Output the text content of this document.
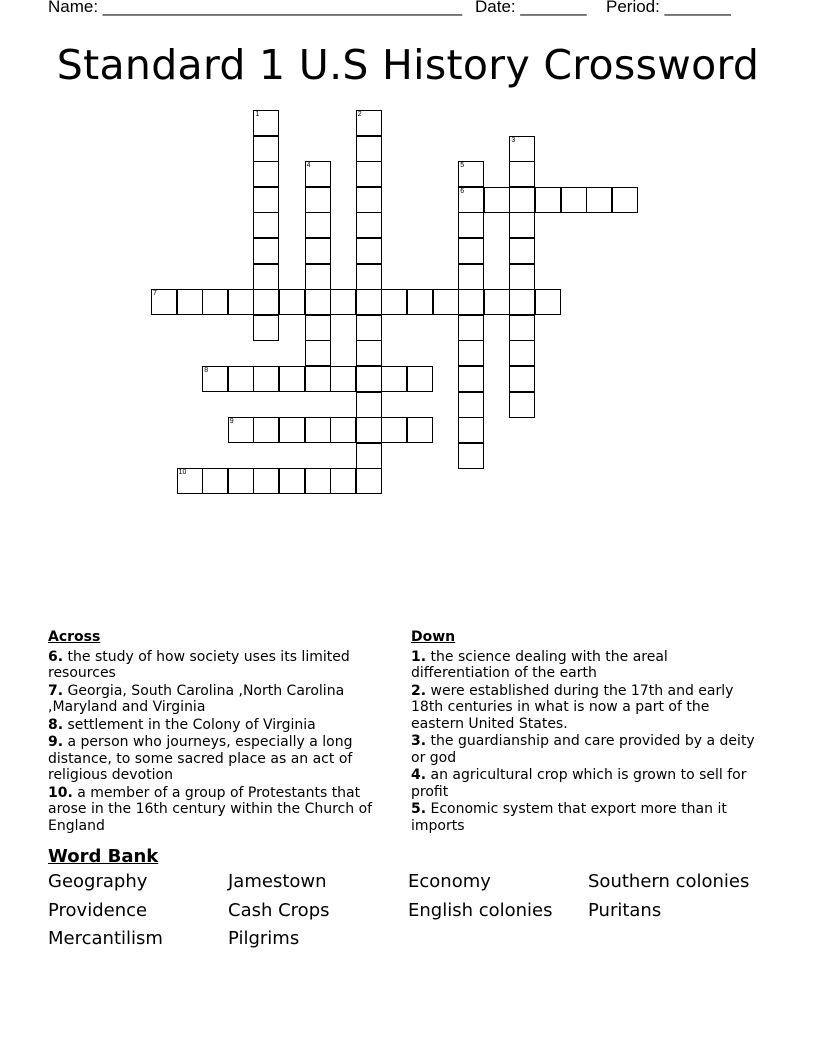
Name: ______________________________________ Date: _______ Period: _______
Standard 1 U.S History Crossword
1	2
3
4	5
6
7
8
9
10
Across
6. the study of how society uses its limited resources
7. Georgia, South Carolina ,North Carolina ,Maryland and Virginia
8. settlement in the Colony of Virginia
9. a person who journeys, especially a long distance, to some sacred place as an act of religious devotion
10. a member of a group of Protestants that arose in the 16th century within the Church of England
Down
1. the science dealing with the areal differentiation of the earth
2. were established during the 17th and early 18th centuries in what is now a part of the eastern United States.
3. the guardianship and care provided by a deity or god
4. an agricultural crop which is grown to sell for profit
5. Economic system that export more than it imports
Word Bank
Geography	Jamestown	Economy	Southern colonies
Providence	Cash Crops	English colonies	Puritans
Mercantilism	Pilgrims
